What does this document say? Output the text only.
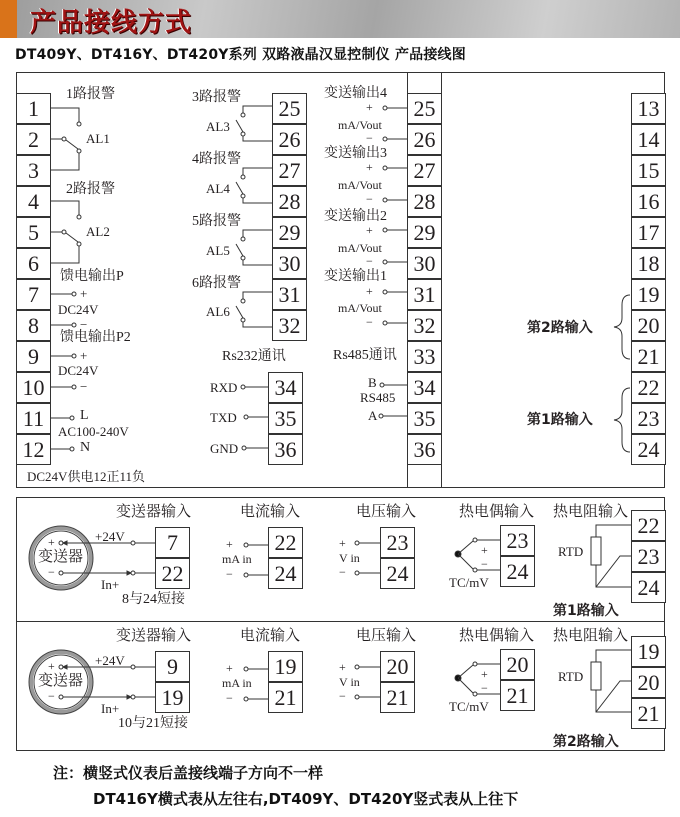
产品接线方式
DT409Y、DT416Y、DT420Y系列 双路液晶汉显控制仪 产品接线图
1
2
3
4
5
6
7
8
9
10
11
12
1路报警
AL1
2路报警
AL2
馈电输出P
+
DC24V
−
馈电输出P2
+
DC24V
−
L
AC100-240V
N
DC24V供电12正11负
25
26
27
28
29
30
31
32
3路报警
AL3
4路报警
AL4
5路报警
AL5
6路报警
AL6
Rs232通讯
34
35
36
RXD
TXD
GND
25
26
27
28
29
30
31
32
33
34
35
36
变送输出4
+
mA/Vout
−
变送输出3
+
mA/Vout
−
变送输出2
+
mA/Vout
−
变送输出1
+
mA/Vout
−
Rs485通讯
B
RS485
A
13
14
15
16
17
18
19
20
21
22
23
24
第2路输入
第1路输入
变送器输入
+
变送器
−
+24V
In+
7
22
8与24短接
电流输入
+
mA in
−
22
24
电压输入
+
V in
−
23
24
热电偶输入
+
−
TC/mV
23
24
热电阻输入
RTD
22
23
24
第1路输入
变送器输入
+
变送器
−
+24V
In+
9
19
10与21短接
电流输入
+
mA in
−
19
21
电压输入
+
V in
−
20
21
热电偶输入
+
−
TC/mV
20
21
热电阻输入
RTD
19
20
21
第2路输入
注：横竖式仪表后盖接线端子方向不一样
DT416Y横式表从左往右,DT409Y、DT420Y竖式表从上往下
